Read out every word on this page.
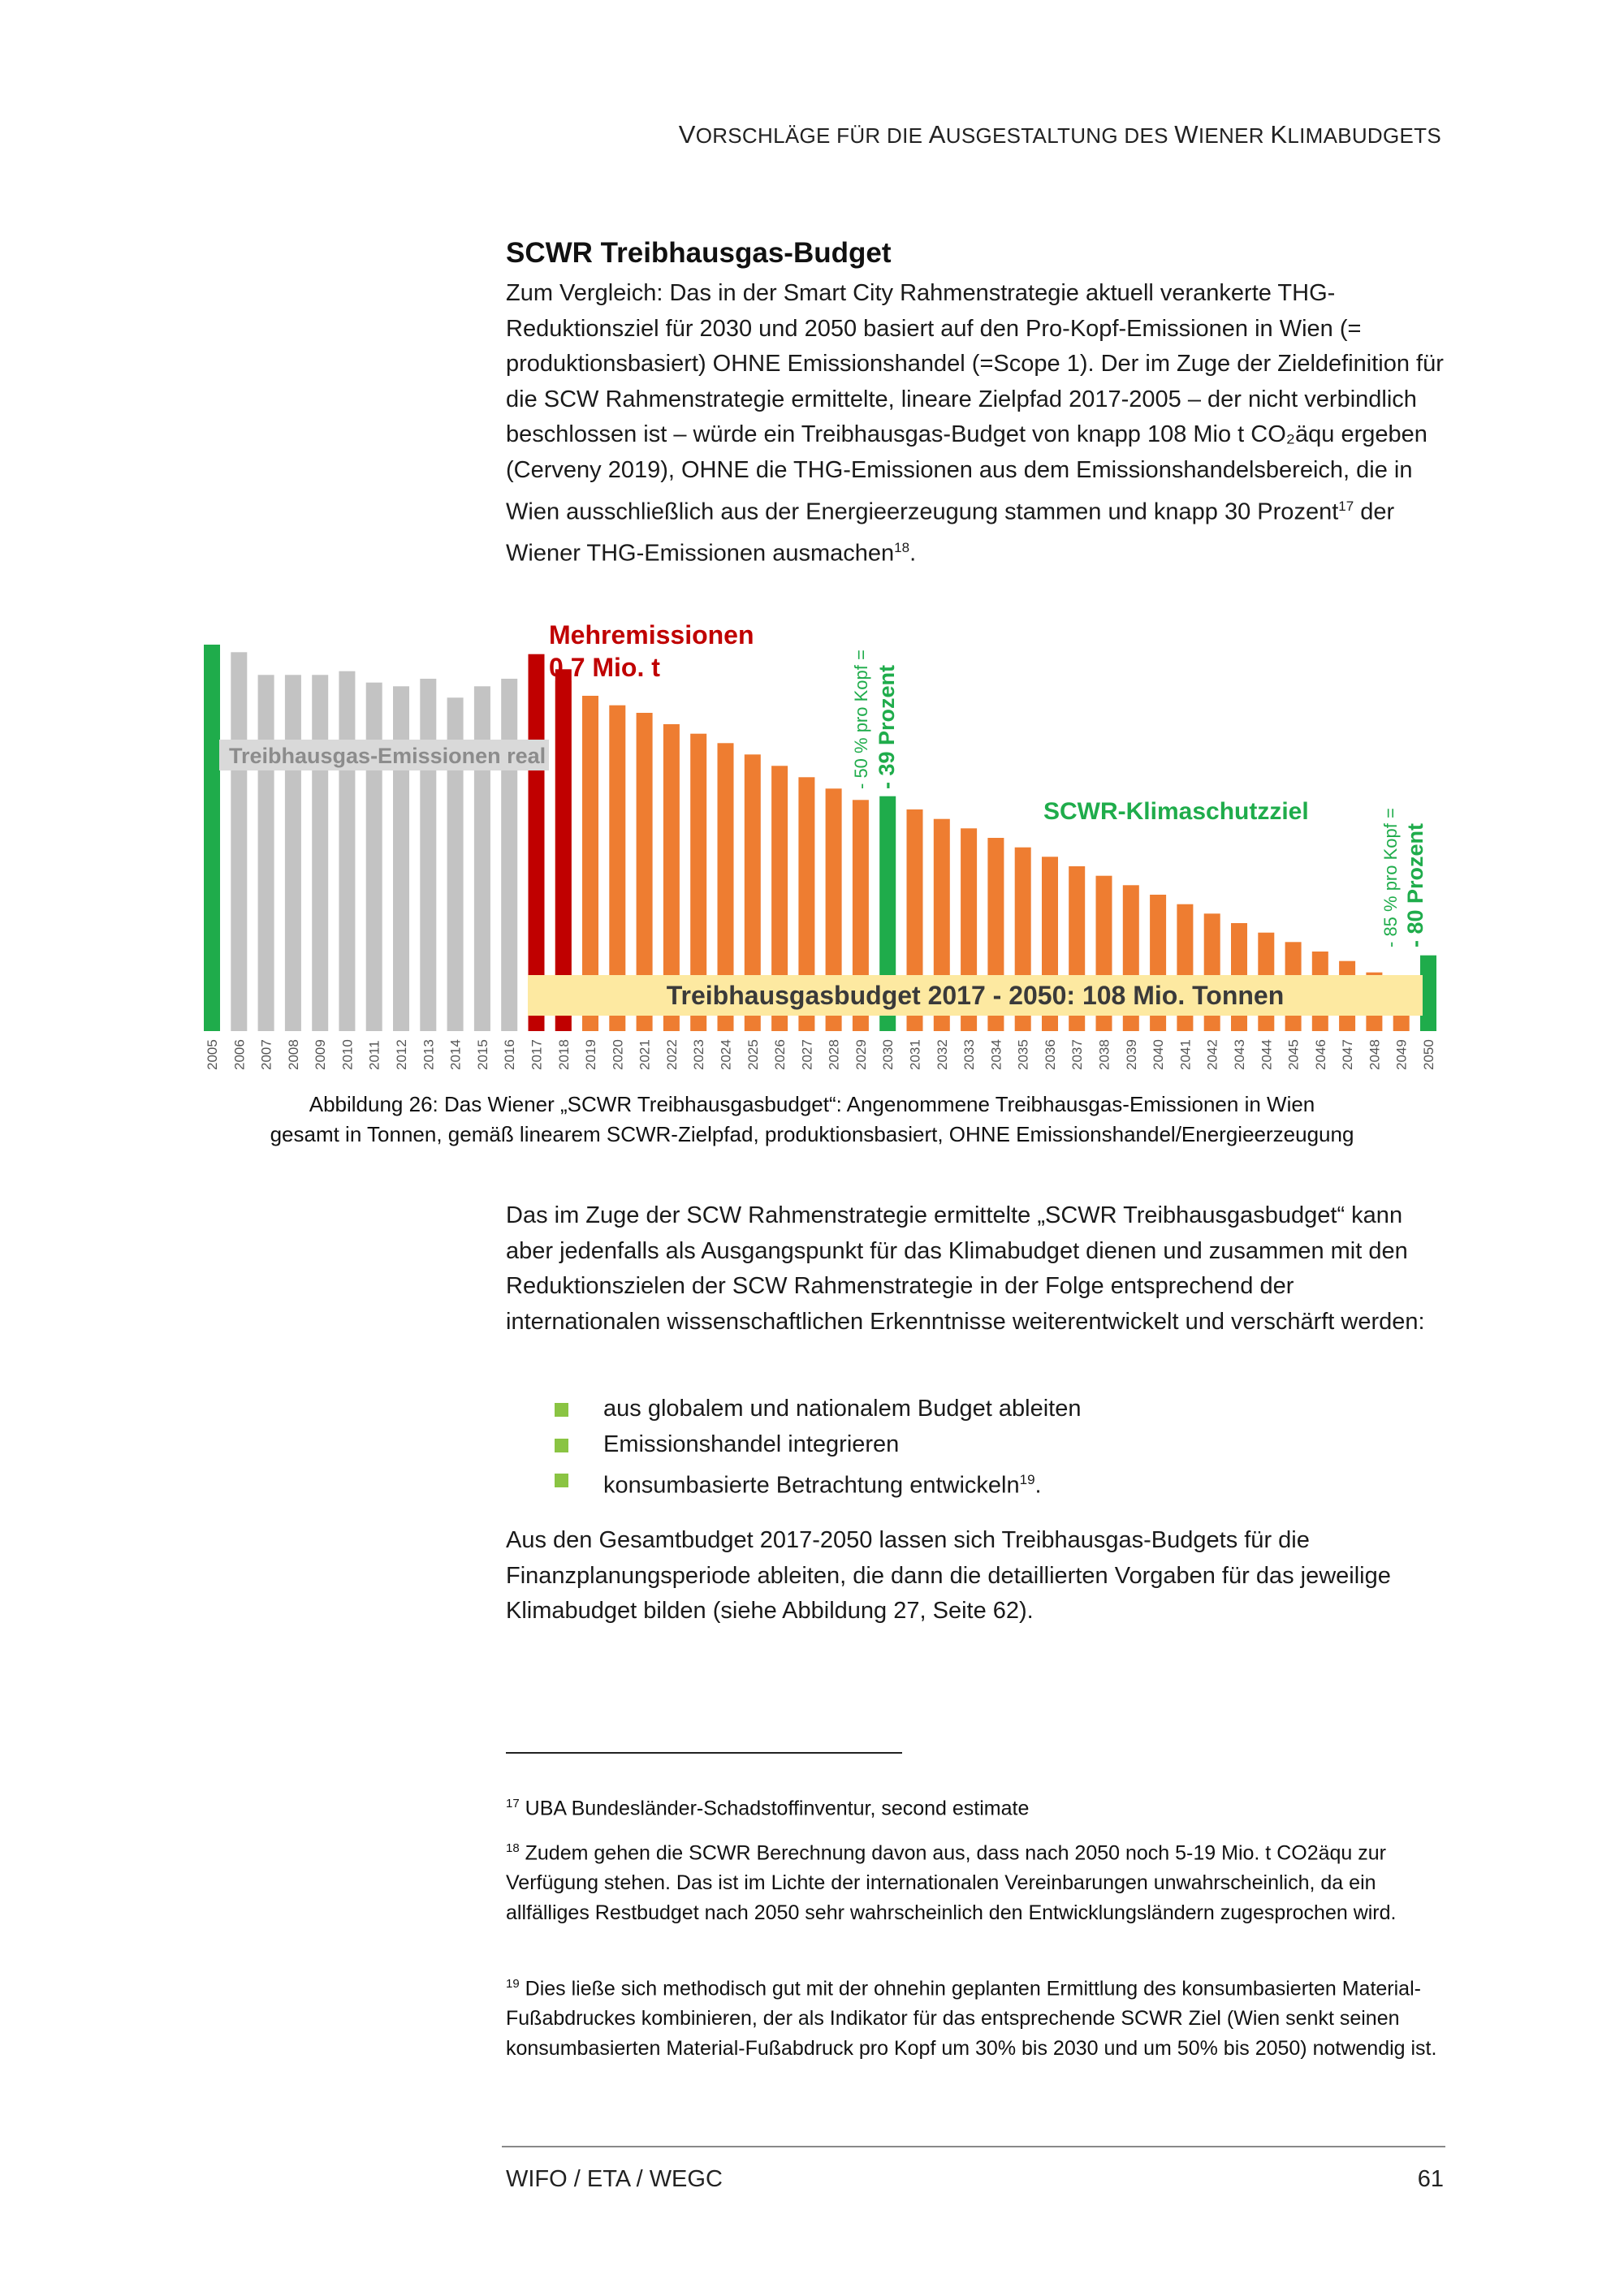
VORSCHLÄGE FÜR DIE AUSGESTALTUNG DES WIENER KLIMABUDGETS
SCWR Treibhausgas-Budget

Zum Vergleich: Das in der Smart City Rahmenstrategie aktuell verankerte THG-Reduktionsziel für 2030 und 2050 basiert auf den Pro-Kopf-Emissionen in Wien (= produktionsbasiert) OHNE Emissionshandel (=Scope 1). Der im Zuge der Zieldefinition für die SCW Rahmenstrategie ermittelte, lineare Zielpfad 2017-2005 – der nicht verbindlich beschlossen ist – würde ein Treibhausgas-Budget von knapp 108 Mio t CO₂äqu ergeben (Cerveny 2019), OHNE die THG-Emissionen aus dem Emissionshandelsbereich, die in Wien ausschließlich aus der Energieerzeugung stammen und knapp 30 Prozent$^{17}$ der Wiener THG-Emissionen ausmachen$^{18}$.

2005 2006 2007 2008 2009 2010 2011 2012 2013 2014 2015 2016 2017 2018 2019 2020 2021 2022 2023 2024 2025 2026 2027 2028 2029 2030 2031 2032 2033 2034 2035 2036 2037 2038 2039 2040 2041 2042 2043 2044 2045 2046 2047 2048 2049 2050
Treibhausgas-Emissionen real
Mehremissionen
0,7 Mio. t	- 50 % pro Kopf = - 39 Prozent
SCWR-Klimaschutzziel	- 85 % pro Kopf = - 80 Prozent
Treibhausgasbudget 2017 - 2050: 108 Mio. Tonnen

Abbildung 26: Das Wiener „SCWR Treibhausgasbudget“: Angenommene Treibhausgas-Emissionen in Wien
gesamt in Tonnen, gemäß linearem SCWR-Zielpfad, produktionsbasiert, OHNE Emissionshandel/Energieerzeugung

Das im Zuge der SCW Rahmenstrategie ermittelte „SCWR Treibhausgasbudget“ kann aber jedenfalls als Ausgangspunkt für das Klimabudget dienen und zusammen mit den Reduktionszielen der SCW Rahmenstrategie in der Folge entsprechend der internationalen wissenschaftlichen Erkenntnisse weiterentwickelt und verschärft werden:

aus globalem und nationalem Budget ableiten
Emissionshandel integrieren
konsumbasierte Betrachtung entwickeln$^{19}$.

Aus den Gesamtbudget 2017-2050 lassen sich Treibhausgas-Budgets für die Finanzplanungsperiode ableiten, die dann die detaillierten Vorgaben für das jeweilige Klimabudget bilden (siehe Abbildung 27, Seite 62).

$^{17}$ UBA Bundesländer-Schadstoffinventur, second estimate

$^{18}$ Zudem gehen die SCWR Berechnung davon aus, dass nach 2050 noch 5-19 Mio. t CO2äqu zur Verfügung stehen. Das ist im Lichte der internationalen Vereinbarungen unwahrscheinlich, da ein allfälliges Restbudget nach 2050 sehr wahrscheinlich den Entwicklungsländern zugesprochen wird.

$^{19}$ Dies ließe sich methodisch gut mit der ohnehin geplanten Ermittlung des konsumbasierten Material-Fußabdruckes kombinieren, der als Indikator für das entsprechende SCWR Ziel (Wien senkt seinen konsumbasierten Material-Fußabdruck pro Kopf um 30% bis 2030 und um 50% bis 2050) notwendig ist.

WIFO / ETA / WEGC	61
